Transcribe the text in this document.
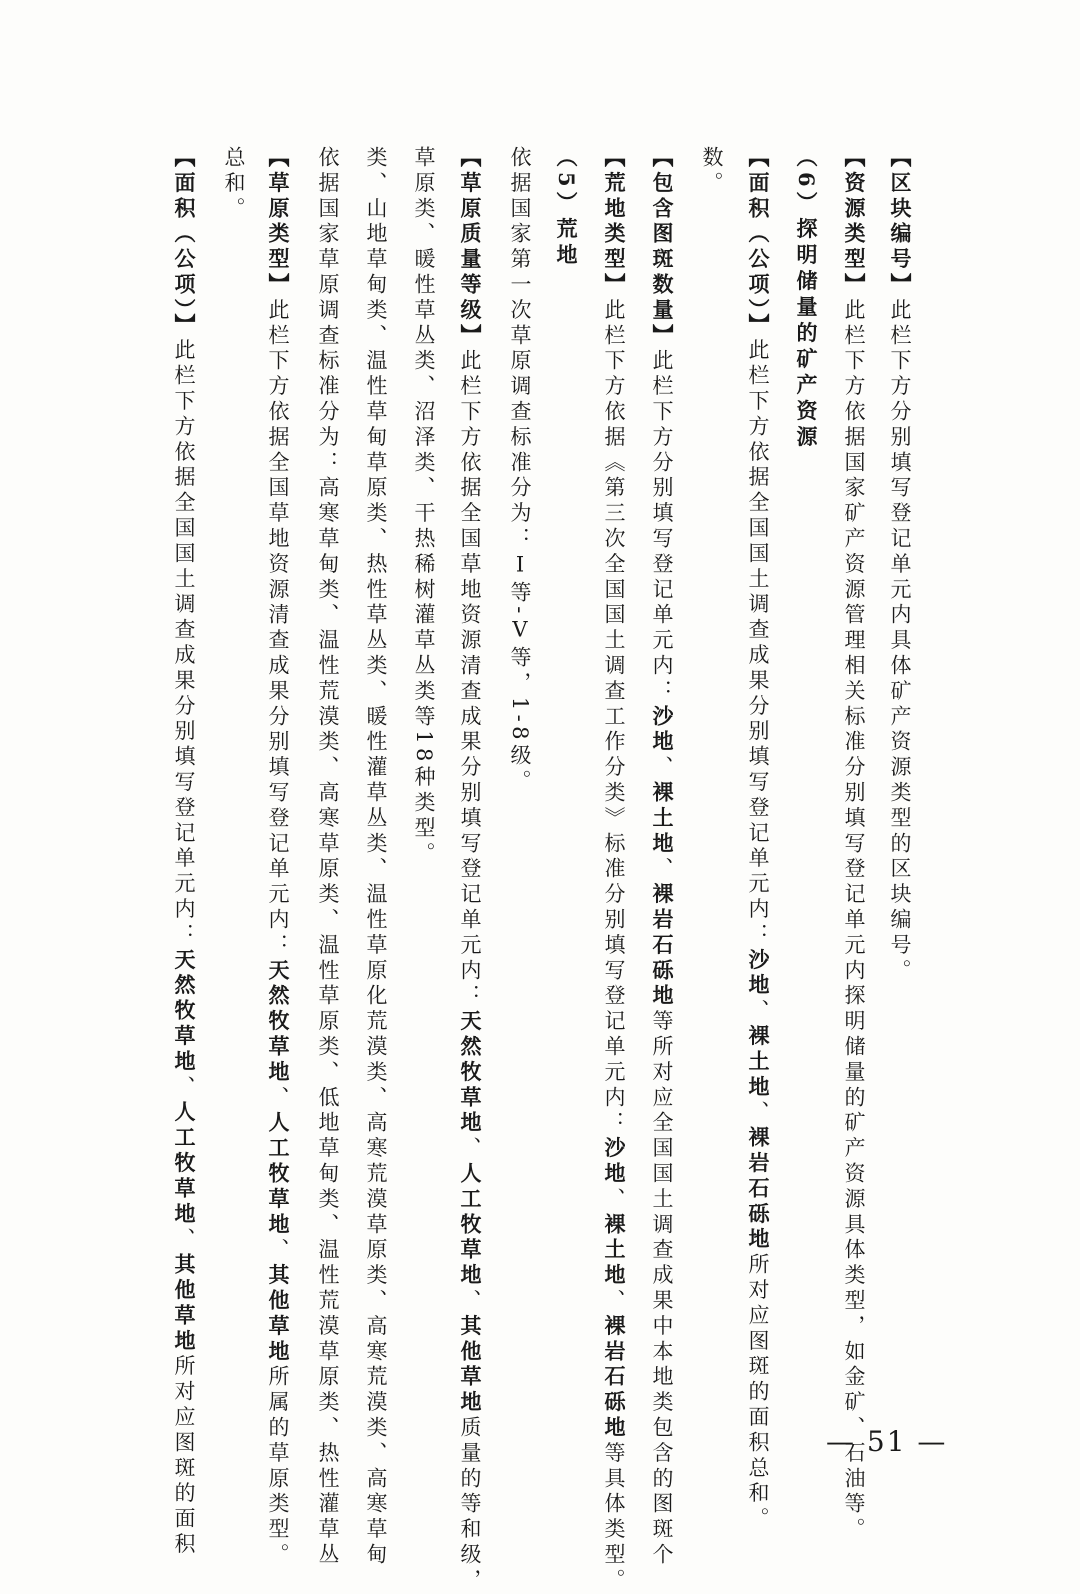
【面积（公项）】此栏下方依据全国国土调查成果分别填写登记单元内：天然牧草地、人工牧草地、其他草地所对应图斑的面积
总和。 【草原类型】此栏下方依据全国草地资源清查成果分别填写登记单元内：天然牧草地、人工牧草地、其他草地所属的草原类型。 依据国家草原调查标准分为：高寒草甸类、温性荒漠类、高寒草原类、温性草原类、低地草甸类、温性荒漠草原类、热性灌草丛 类、山地草甸类、温性草甸草原类、热性草丛类、暖性灌草丛类、温性草原化荒漠类、高寒荒漠草原类、高寒荒漠类、高寒草甸 草原类、暖性草丛类、沼泽类、干热稀树灌草丛类等18种类型。 【草原质量等级】此栏下方依据全国草地资源清查成果分别填写登记单元内：天然牧草地、人工牧草地、其他草地质量的等和级，
依据国家第一次草原调查标准分为：Ⅰ等-Ⅴ等，1-8级。 （5）荒地 【荒地类型】此栏下方依据《第三次全国国土调查工作分类》标准分别填写登记单元内：沙地、裸土地、裸岩石砾地等具体类型。
【包含图斑数量】此栏下方分别填写登记单元内：沙地、裸土地、裸岩石砾地等所对应全国国土调查成果中本地类包含的图斑个
数。 【面积（公项）】此栏下方依据全国国土调查成果分别填写登记单元内：沙地、裸土地、裸岩石砾地所对应图斑的面积总和。
（6）探明储量的矿产资源 【资源类型】此栏下方依据国家矿产资源管理相关标准分别填写登记单元内探明储量的矿产资源具体类型，如金矿、石油等。
【区块编号】此栏下方分别填写登记单元内具体矿产资源类型的区块编号。
— 51 —
